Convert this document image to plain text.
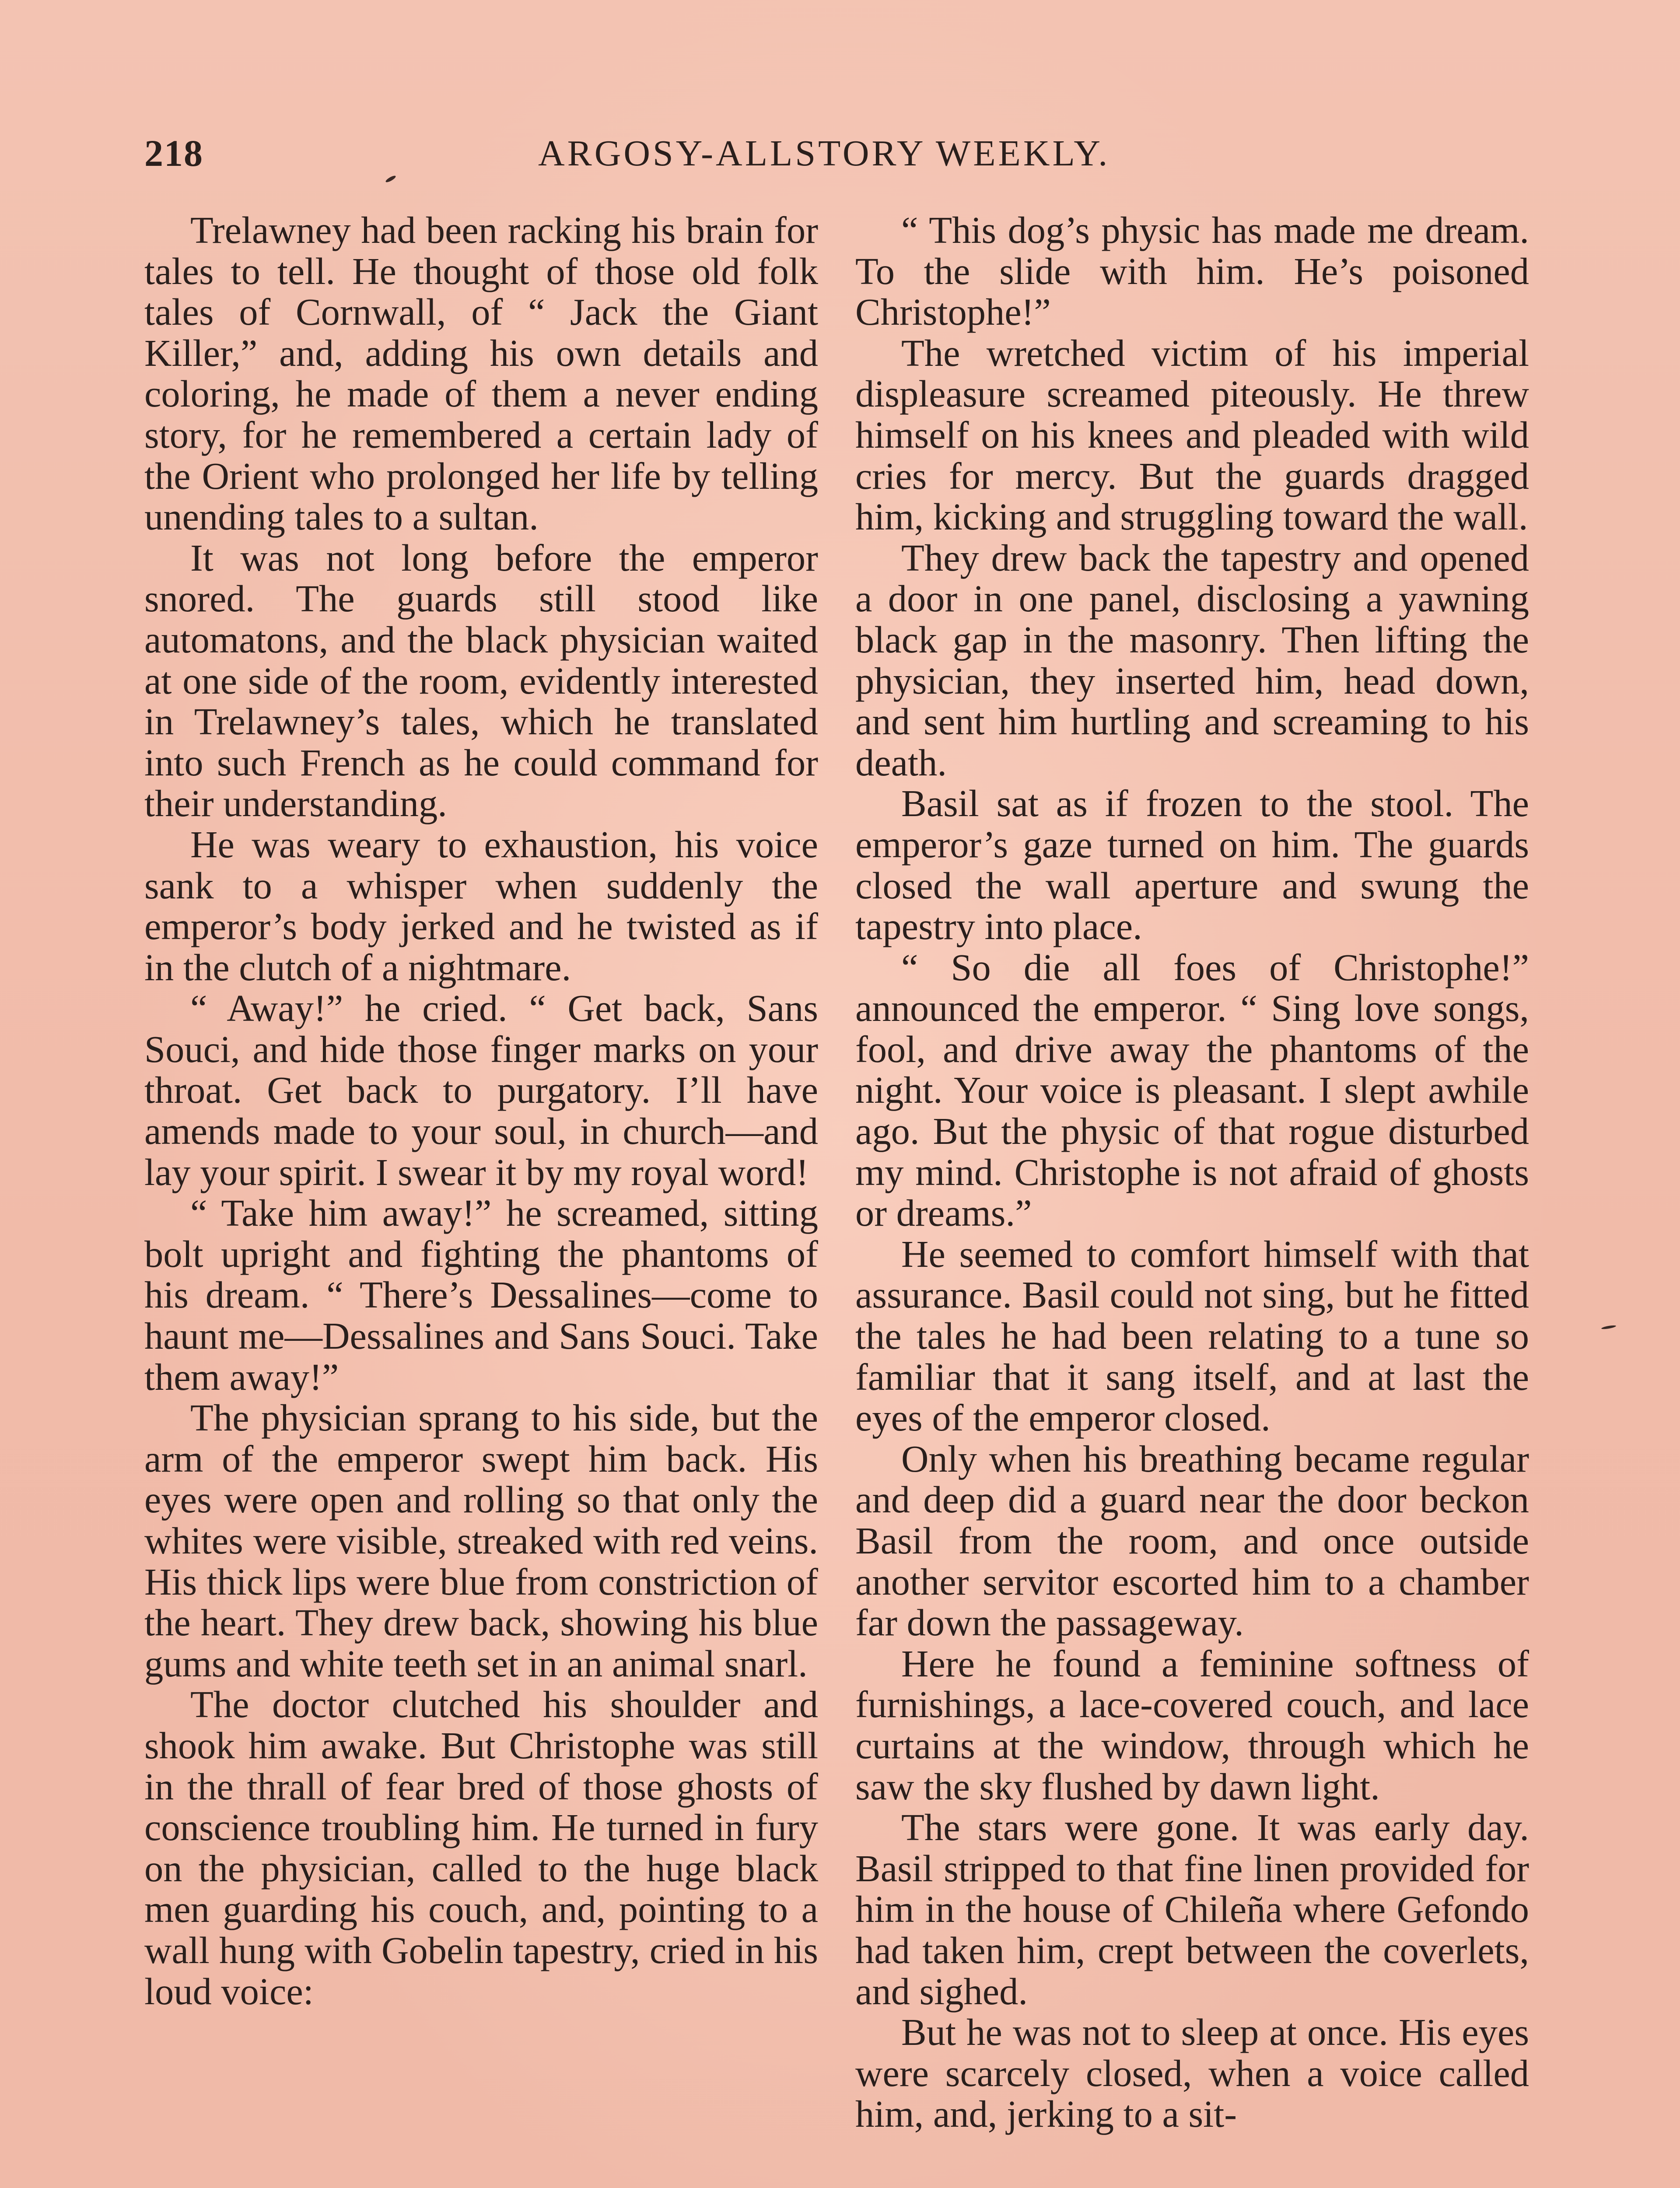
218	ARGOSY-ALLSTORY WEEKLY.

Trelawney had been racking his brain for tales to tell. He thought of those old folk tales of Cornwall, of “ Jack the Giant Killer,” and, adding his own details and coloring, he made of them a never ending story, for he remembered a certain lady of the Orient who prolonged her life by telling unending tales to a sultan.

It was not long before the emperor snored. The guards still stood like automatons, and the black physician waited at one side of the room, evidently interested in Trelawney’s tales, which he translated into such French as he could command for their understanding.

He was weary to exhaustion, his voice sank to a whisper when suddenly the emperor’s body jerked and he twisted as if in the clutch of a nightmare.

“ Away!” he cried. “ Get back, Sans Souci, and hide those finger marks on your throat. Get back to purgatory. I’ll have amends made to your soul, in church—and lay your spirit. I swear it by my royal word!

“ Take him away!” he screamed, sitting bolt upright and fighting the phantoms of his dream. “ There’s Dessalines—come to haunt me—Dessalines and Sans Souci. Take them away!”

The physician sprang to his side, but the arm of the emperor swept him back. His eyes were open and rolling so that only the whites were visible, streaked with red veins. His thick lips were blue from constriction of the heart. They drew back, showing his blue gums and white teeth set in an animal snarl.

The doctor clutched his shoulder and shook him awake. But Christophe was still in the thrall of fear bred of those ghosts of conscience troubling him. He turned in fury on the physician, called to the huge black men guarding his couch, and, pointing to a wall hung with Gobelin tapestry, cried in his loud voice:

“ This dog’s physic has made me dream. To the slide with him. He’s poisoned Christophe!”

The wretched victim of his imperial displeasure screamed piteously. He threw himself on his knees and pleaded with wild cries for mercy. But the guards dragged him, kicking and struggling toward the wall.

They drew back the tapestry and opened a door in one panel, disclosing a yawning black gap in the masonry. Then lifting the physician, they inserted him, head down, and sent him hurtling and screaming to his death.

Basil sat as if frozen to the stool. The emperor’s gaze turned on him. The guards closed the wall aperture and swung the tapestry into place.

“ So die all foes of Christophe!” announced the emperor. “ Sing love songs, fool, and drive away the phantoms of the night. Your voice is pleasant. I slept awhile ago. But the physic of that rogue disturbed my mind. Christophe is not afraid of ghosts or dreams.”

He seemed to comfort himself with that assurance. Basil could not sing, but he fitted the tales he had been relating to a tune so familiar that it sang itself, and at last the eyes of the emperor closed.

Only when his breathing became regular and deep did a guard near the door beckon Basil from the room, and once outside another servitor escorted him to a chamber far down the passageway.

Here he found a feminine softness of furnishings, a lace-covered couch, and lace curtains at the window, through which he saw the sky flushed by dawn light.

The stars were gone. It was early day. Basil stripped to that fine linen provided for him in the house of Chileña where Gefondo had taken him, crept between the coverlets, and sighed.

But he was not to sleep at once. His eyes were scarcely closed, when a voice called him, and, jerking to a sit-
